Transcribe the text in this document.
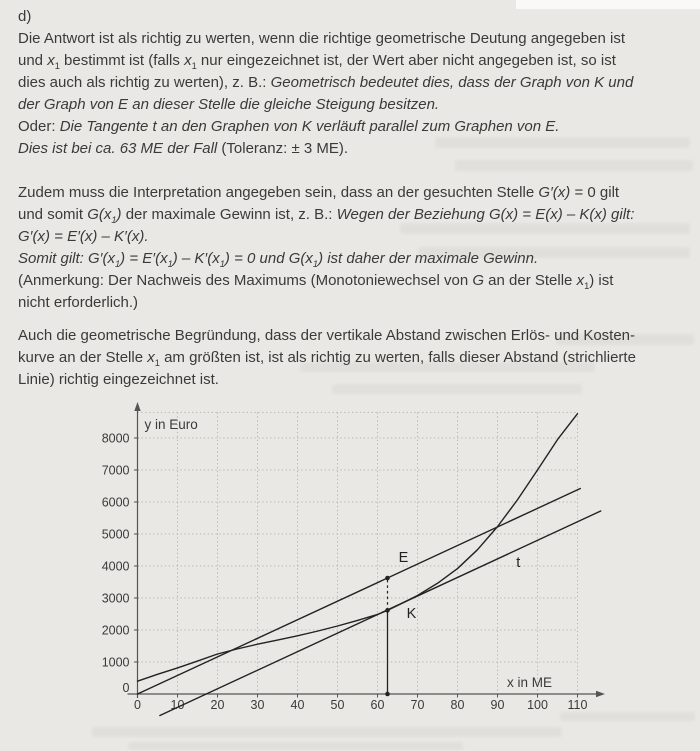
d)
Die Antwort ist als richtig zu werten, wenn die richtige geometrische Deutung angegeben ist
und $x_1$ bestimmt ist (falls $x_1$ nur eingezeichnet ist, der Wert aber nicht angegeben ist, so ist
dies auch als richtig zu werten), z. B.: Geometrisch bedeutet dies, dass der Graph von K und
der Graph von E an dieser Stelle die gleiche Steigung besitzen.
Oder: Die Tangente t an den Graphen von K verläuft parallel zum Graphen von E.
Dies ist bei ca. 63 ME der Fall (Toleranz: ± 3 ME).
Zudem muss die Interpretation angegeben sein, dass an der gesuchten Stelle G′(x) = 0 gilt
und somit $G(x_1)$ der maximale Gewinn ist, z. B.: Wegen der Beziehung G(x) = E(x) – K(x) gilt:
G′(x) = E′(x) – K′(x).
Somit gilt: $G'(x_1) = E'(x_1) - K'(x_1) = 0$ und $G(x_1)$ ist daher der maximale Gewinn.
(Anmerkung: Der Nachweis des Maximums (Monotoniewechsel von G an der Stelle $x_1$) ist
nicht erforderlich.)
Auch die geometrische Begründung, dass der vertikale Abstand zwischen Erlös- und Kosten-
kurve an der Stelle $x_1$ am größten ist, ist als richtig zu werten, falls dieser Abstand (strichlierte
Linie) richtig eingezeichnet ist.
0 10 20 30 40 50 60 70 80 90 100 110
0
1000
2000
3000
4000
5000
6000
7000
8000
y in Euro
x in ME
E	t
K
